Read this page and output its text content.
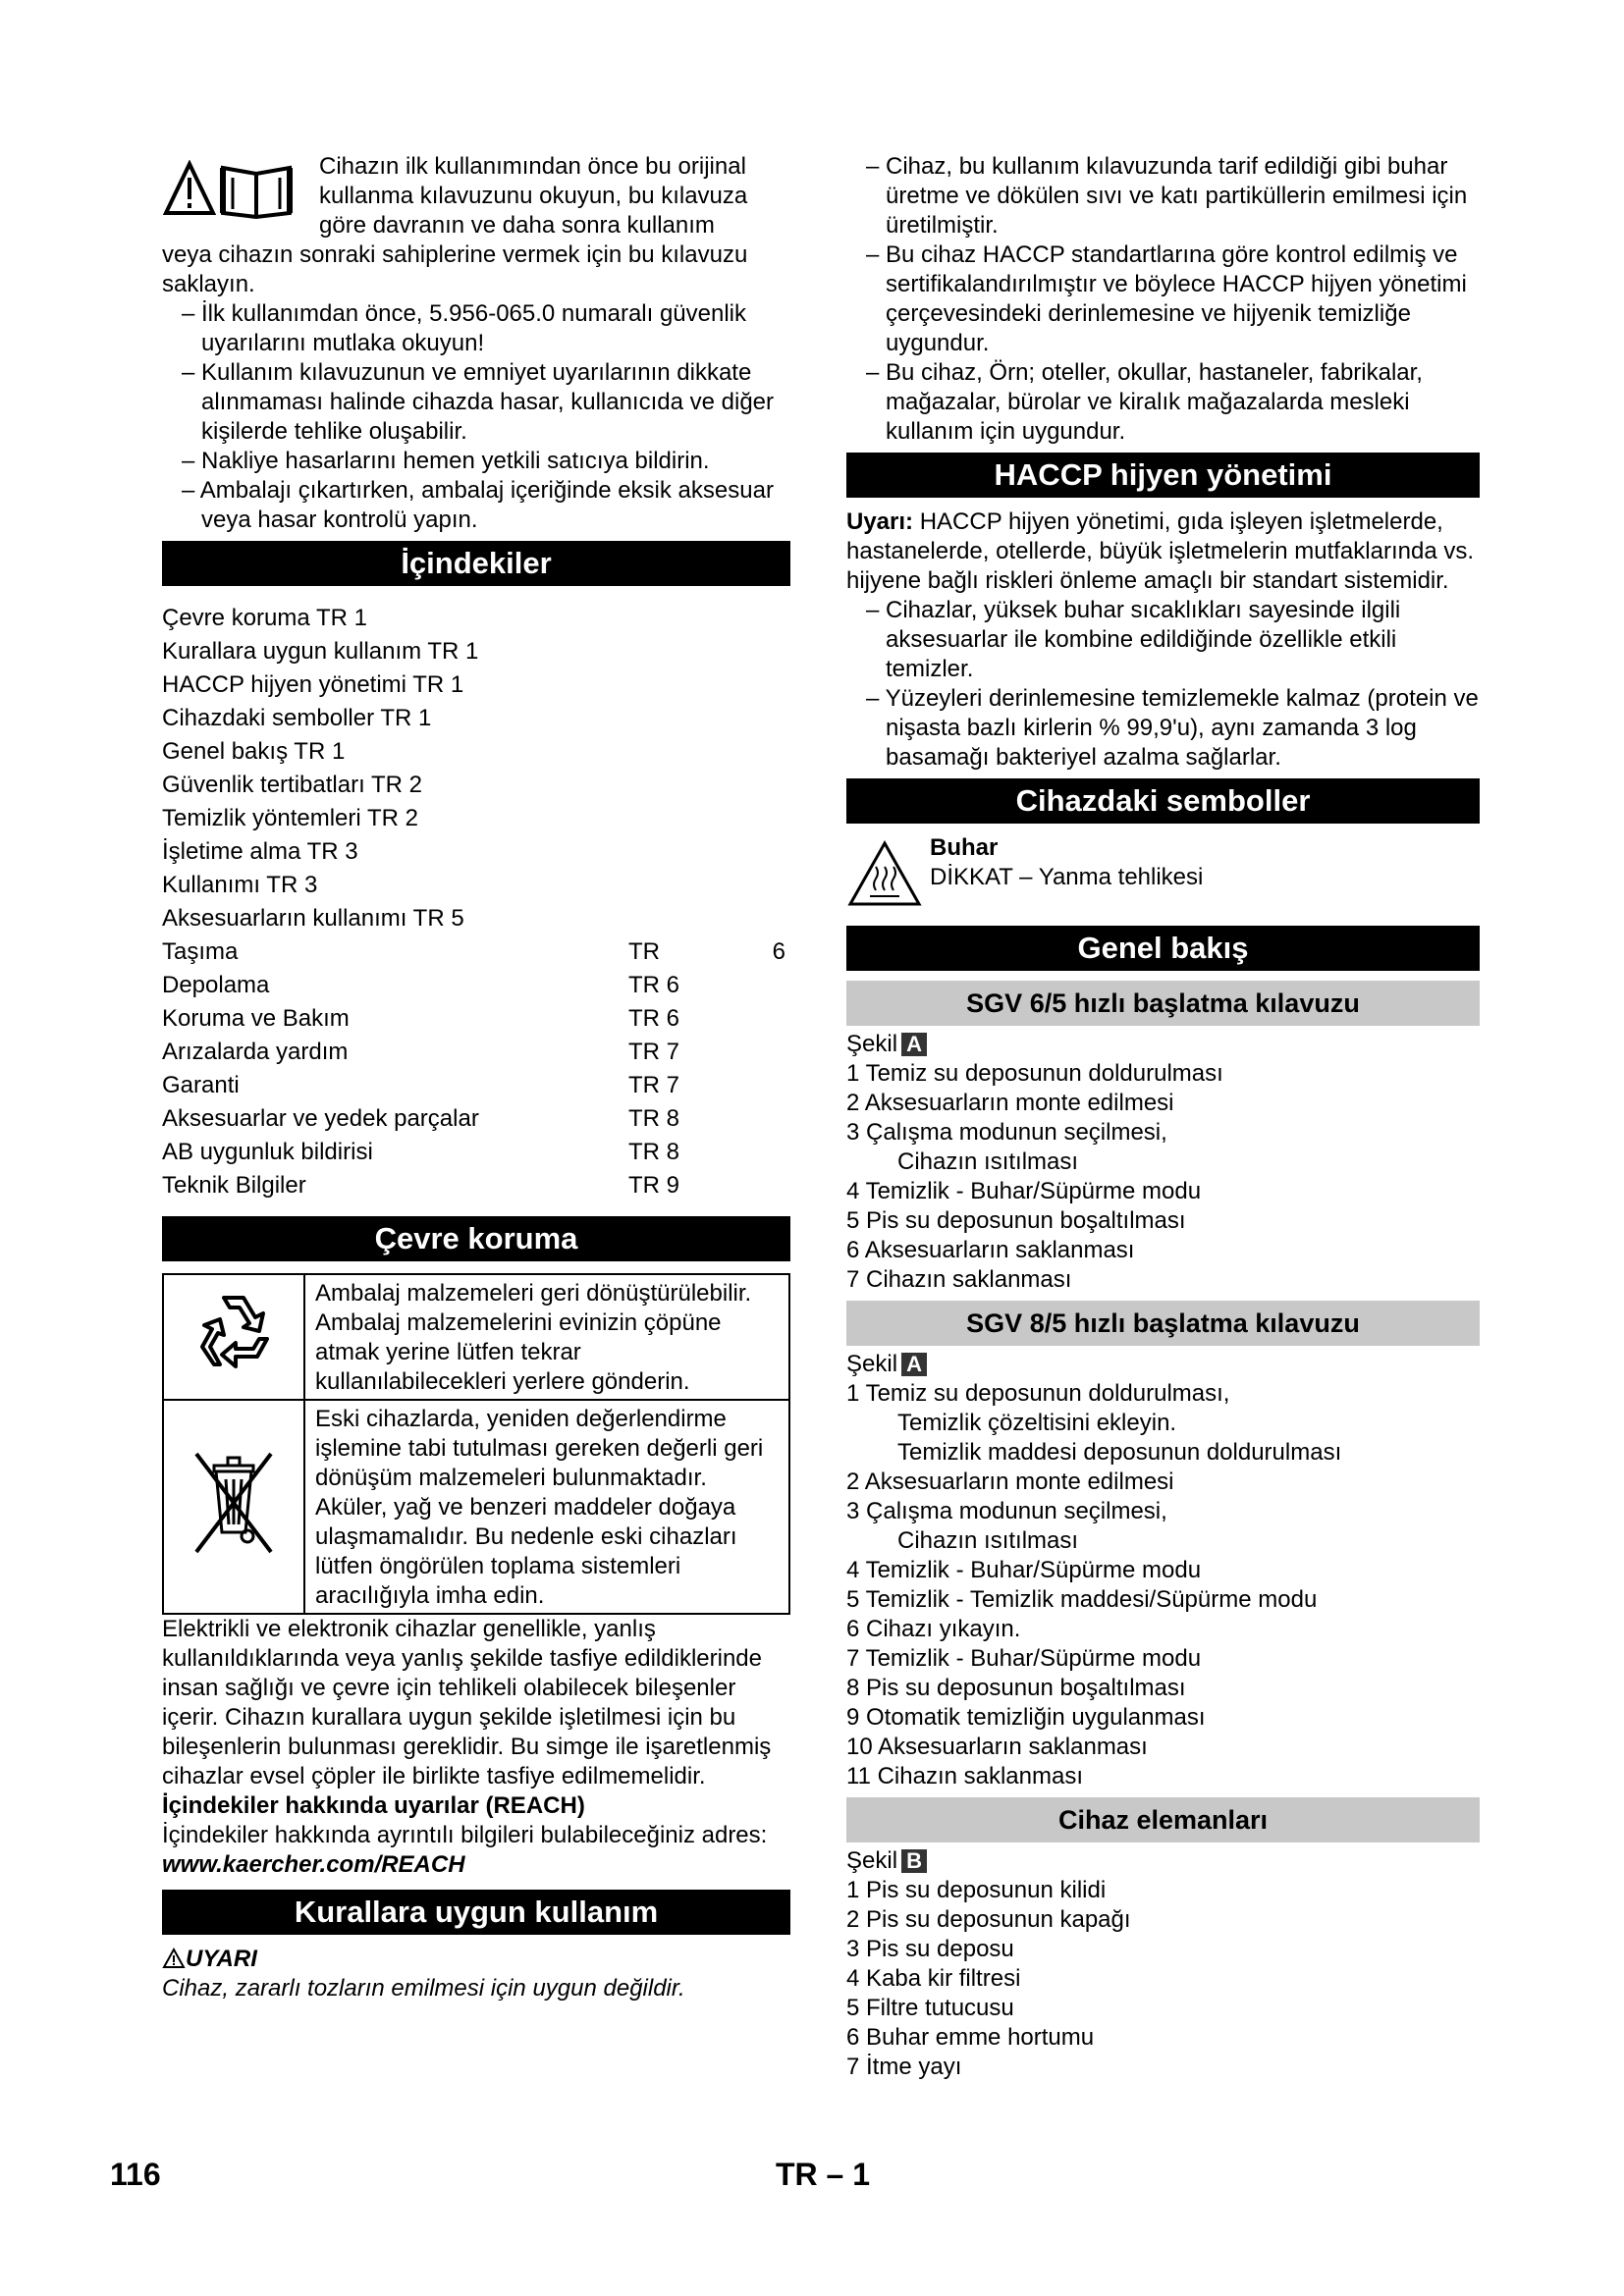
Cihazın ilk kullanımından önce bu orijinal

kullanma kılavuzunu okuyun, bu kılavuza

göre davranın ve daha sonra kullanım

veya cihazın sonraki sahiplerine vermek için bu kılavuzu saklayın.

– İlk kullanımdan önce, 5.956-065.0 numaralı güvenlik uyarılarını mutlaka okuyun!

– Kullanım kılavuzunun ve emniyet uyarılarının dikkate alınmaması halinde cihazda hasar, kullanıcıda ve diğer kişilerde tehlike oluşabilir.

– Nakliye hasarlarını hemen yetkili satıcıya bildirin.

– Ambalajı çıkartırken, ambalaj içeriğinde eksik aksesuar veya hasar kontrolü yapın.

İçindekiler
Çevre koruma TR 1
Kurallara uygun kullanım TR 1
HACCP hijyen yönetimi TR 1
Cihazdaki semboller TR 1
Genel bakış TR 1
Güvenlik tertibatları TR 2
Temizlik yöntemleri TR 2
İşletime alma TR 3
Kullanımı TR 3
Aksesuarların kullanımı TR 5
Taşıma	TR	6
Depolama	TR 6
Koruma ve Bakım	TR 6
Arızalarda yardım	TR 7
Garanti	TR 7
Aksesuarlar ve yedek parçalar	TR 8
AB uygunluk bildirisi	TR 8
Teknik Bilgiler	TR 9
Çevre koruma
	Ambalaj malzemeleri geri dönüştürülebilir. Ambalaj malzemelerini evinizin çöpüne atmak yerine lütfen tekrar kullanılabilecekleri yerlere gönderin.
	Eski cihazlarda, yeniden değerlendirme işlemine tabi tutulması gereken değerli geri dönüşüm malzemeleri bulunmaktadır. Aküler, yağ ve benzeri maddeler doğaya ulaşmamalıdır. Bu nedenle eski cihazları lütfen öngörülen toplama sistemleri aracılığıyla imha edin.

Elektrikli ve elektronik cihazlar genellikle, yanlış kullanıldıklarında veya yanlış şekilde tasfiye edildiklerinde insan sağlığı ve çevre için tehlikeli olabilecek bileşenler içerir. Cihazın kurallara uygun şekilde işletilmesi için bu bileşenlerin bulunması gereklidir. Bu simge ile işaretlenmiş cihazlar evsel çöpler ile birlikte tasfiye edilmemelidir.

İçindekiler hakkında uyarılar (REACH)

İçindekiler hakkında ayrıntılı bilgileri bulabileceğiniz adres:

www.kaercher.com/REACH

Kurallara uygun kullanım

UYARI

Cihaz, zararlı tozların emilmesi için uygun değildir.

– Cihaz, bu kullanım kılavuzunda tarif edildiği gibi buhar üretme ve dökülen sıvı ve katı partiküllerin emilmesi için üretilmiştir.

– Bu cihaz HACCP standartlarına göre kontrol edilmiş ve sertifikalandırılmıştır ve böylece HACCP hijyen yönetimi çerçevesindeki derinlemesine ve hijyenik temizliğe uygundur.

– Bu cihaz, Örn; oteller, okullar, hastaneler, fabrikalar, mağazalar, bürolar ve kiralık mağazalarda mesleki kullanım için uygundur.

HACCP hijyen yönetimi

Uyarı: HACCP hijyen yönetimi, gıda işleyen işletmelerde, hastanelerde, otellerde, büyük işletmelerin mutfaklarında vs. hijyene bağlı riskleri önleme amaçlı bir standart sistemidir.

– Cihazlar, yüksek buhar sıcaklıkları sayesinde ilgili aksesuarlar ile kombine edildiğinde özellikle etkili temizler.

– Yüzeyleri derinlemesine temizlemekle kalmaz (protein ve nişasta bazlı kirlerin % 99,9'u), aynı zamanda 3 log basamağı bakteriyel azalma sağlarlar.

Cihazdaki semboller

Buhar

DİKKAT – Yanma tehlikesi

Genel bakış
SGV 6/5 hızlı başlatma kılavuzu

Şekil A

1 Temiz su deposunun doldurulması

2 Aksesuarların monte edilmesi

3 Çalışma modunun seçilmesi,

Cihazın ısıtılması

4 Temizlik - Buhar/Süpürme modu

5 Pis su deposunun boşaltılması

6 Aksesuarların saklanması

7 Cihazın saklanması

SGV 8/5 hızlı başlatma kılavuzu

Şekil A

1 Temiz su deposunun doldurulması,

Temizlik çözeltisini ekleyin.

Temizlik maddesi deposunun doldurulması

2 Aksesuarların monte edilmesi

3 Çalışma modunun seçilmesi,

Cihazın ısıtılması

4 Temizlik - Buhar/Süpürme modu

5 Temizlik - Temizlik maddesi/Süpürme modu

6 Cihazı yıkayın.

7 Temizlik - Buhar/Süpürme modu

8 Pis su deposunun boşaltılması

9 Otomatik temizliğin uygulanması

10 Aksesuarların saklanması

11 Cihazın saklanması

Cihaz elemanları

Şekil B

1 Pis su deposunun kilidi

2 Pis su deposunun kapağı

3 Pis su deposu

4 Kaba kir filtresi

5 Filtre tutucusu

6 Buhar emme hortumu

7 İtme yayı

116	TR – 1
